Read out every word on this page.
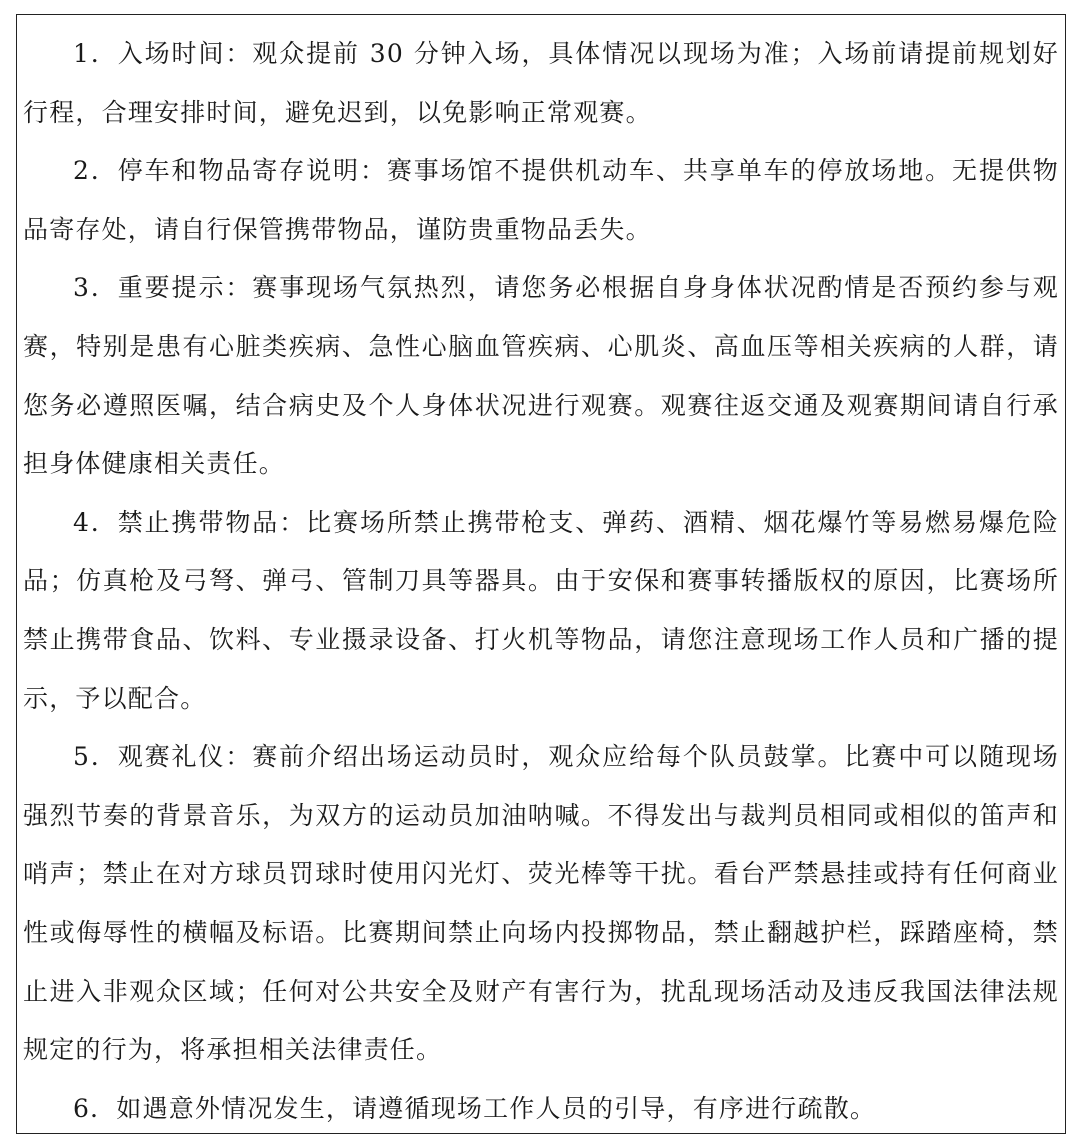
1．入场时间：观众提前 30 分钟入场，具体情况以现场为准；入场前请提前规划好行程，合理安排时间，避免迟到，以免影响正常观赛。

2．停车和物品寄存说明：赛事场馆不提供机动车、共享单车的停放场地。无提供物品寄存处，请自行保管携带物品，谨防贵重物品丢失。

3．重要提示：赛事现场气氛热烈，请您务必根据自身身体状况酌情是否预约参与观赛，特别是患有心脏类疾病、急性心脑血管疾病、心肌炎、高血压等相关疾病的人群，请您务必遵照医嘱，结合病史及个人身体状况进行观赛。观赛往返交通及观赛期间请自行承担身体健康相关责任。

4．禁止携带物品：比赛场所禁止携带枪支、弹药、酒精、烟花爆竹等易燃易爆危险品；仿真枪及弓弩、弹弓、管制刀具等器具。由于安保和赛事转播版权的原因，比赛场所禁止携带食品、饮料、专业摄录设备、打火机等物品，请您注意现场工作人员和广播的提示，予以配合。

5．观赛礼仪：赛前介绍出场运动员时，观众应给每个队员鼓掌。比赛中可以随现场强烈节奏的背景音乐，为双方的运动员加油呐喊。不得发出与裁判员相同或相似的笛声和哨声；禁止在对方球员罚球时使用闪光灯、荧光棒等干扰。看台严禁悬挂或持有任何商业性或侮辱性的横幅及标语。比赛期间禁止向场内投掷物品，禁止翻越护栏，踩踏座椅，禁止进入非观众区域；任何对公共安全及财产有害行为，扰乱现场活动及违反我国法律法规规定的行为，将承担相关法律责任。

6．如遇意外情况发生，请遵循现场工作人员的引导，有序进行疏散。
